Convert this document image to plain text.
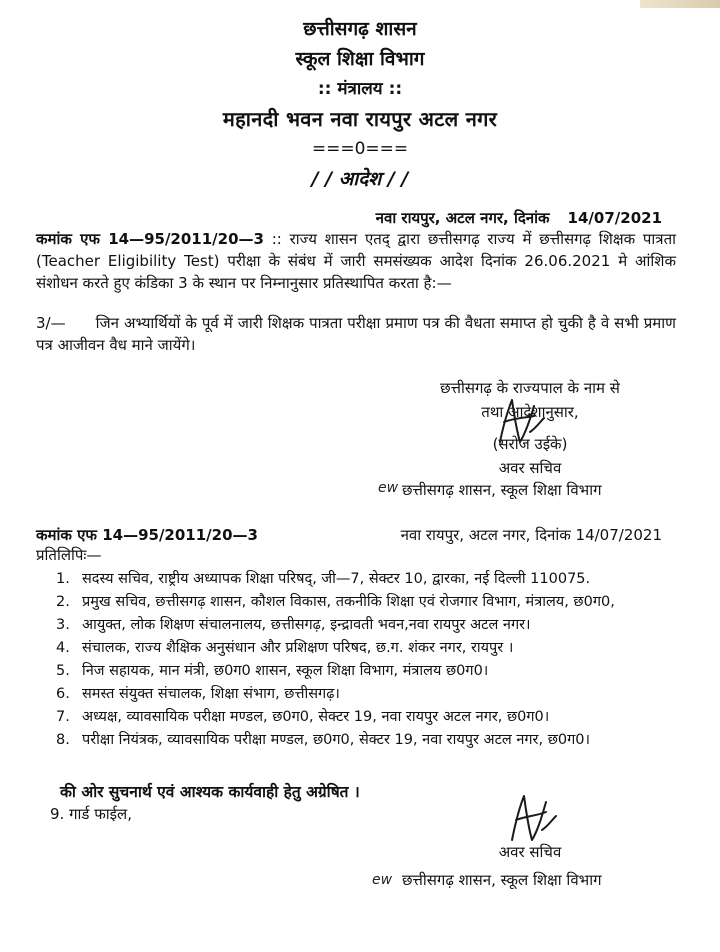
छत्तीसगढ़ शासन
स्कूल शिक्षा विभाग
:: मंत्रालय ::
महानदी भवन नवा रायपुर अटल नगर
===0===
/ / आदेश / /
नवा रायपुर, अटल नगर, दिनांक 14/07/2021
कमांक एफ 14—95/2011/20—3 :: राज्य शासन एतद् द्वारा छत्तीसगढ़ राज्य में छत्तीसगढ़ शिक्षक पात्रता (Teacher Eligibility Test) परीक्षा के संबंध में जारी समसंख्यक आदेश दिनांक 26.06.2021 मे आंशिक संशोधन करते हुए कंडिका 3 के स्थान पर निम्नानुसार प्रतिस्थापित करता है:—
3/— जिन अभ्यार्थियों के पूर्व में जारी शिक्षक पात्रता परीक्षा प्रमाण पत्र की वैधता समाप्त हो चुकी है वे सभी प्रमाण पत्र आजीवन वैध माने जायेंगे।
छत्तीसगढ़ के राज्यपाल के नाम से
तथा आदेशानुसार,
(सरोज उईके)
अवर सचिव
ew छत्तीसगढ़ शासन, स्कूल शिक्षा विभाग
कमांक एफ 14—95/2011/20—3	नवा रायपुर, अटल नगर, दिनांक 14/07/2021
प्रतिलिपिः—
1. सदस्य सचिव, राष्ट्रीय अध्यापक शिक्षा परिषद्, जी—7, सेक्टर 10, द्वारका, नई दिल्ली 110075.
2. प्रमुख सचिव, छत्तीसगढ़ शासन, कौशल विकास, तकनीकि शिक्षा एवं रोजगार विभाग, मंत्रालय, छ0ग0,
3. आयुक्त, लोक शिक्षण संचालनालय, छत्तीसगढ़, इन्द्रावती भवन,नवा रायपुर अटल नगर।
4. संचालक, राज्य शैक्षिक अनुसंधान और प्रशिक्षण परिषद, छ.ग. शंकर नगर, रायपुर ।
5. निज सहायक, मान मंत्री, छ0ग0 शासन, स्कूल शिक्षा विभाग, मंत्रालय छ0ग0।
6. समस्त संयुक्त संचालक, शिक्षा संभाग, छत्तीसगढ़।
7. अध्यक्ष, व्यावसायिक परीक्षा मण्डल, छ0ग0, सेक्टर 19, नवा रायपुर अटल नगर, छ0ग0।
8. परीक्षा नियंत्रक, व्यावसायिक परीक्षा मण्डल, छ0ग0, सेक्टर 19, नवा रायपुर अटल नगर, छ0ग0।
की ओर सुचनार्थ एवं आश्यक कार्यवाही हेतु अग्रेषित ।
9. गार्ड फाईल,
अवर सचिव
ew छत्तीसगढ़ शासन, स्कूल शिक्षा विभाग
